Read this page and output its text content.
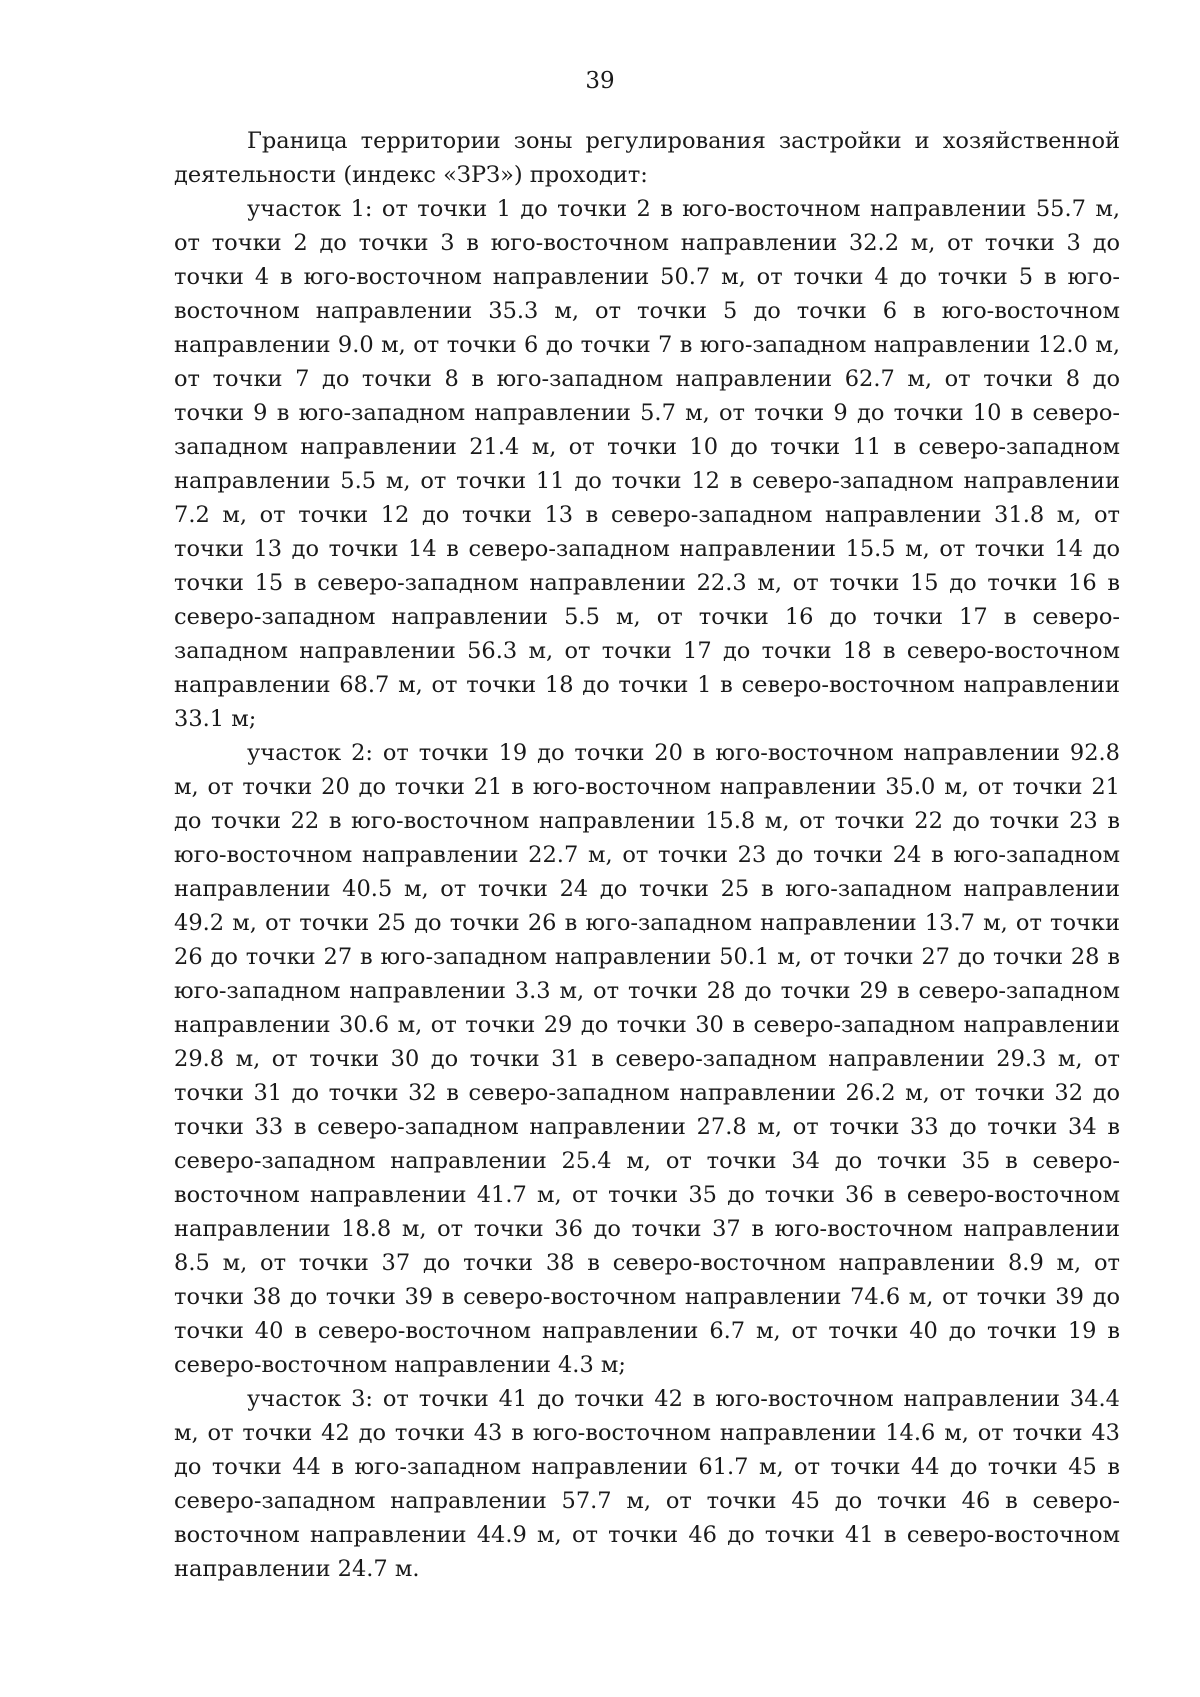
39

Граница территории зоны регулирования застройки и хозяйственной деятельности (индекс «ЗРЗ») проходит:

участок 1: от точки 1 до точки 2 в юго-восточном направлении 55.7 м, от точки 2 до точки 3 в юго-восточном направлении 32.2 м, от точки 3 до точки 4 в юго-восточном направлении 50.7 м, от точки 4 до точки 5 в юго-восточном направлении 35.3 м, от точки 5 до точки 6 в юго-восточном направлении 9.0 м, от точки 6 до точки 7 в юго-западном направлении 12.0 м, от точки 7 до точки 8 в юго-западном направлении 62.7 м, от точки 8 до точки 9 в юго-западном направлении 5.7 м, от точки 9 до точки 10 в северо-западном направлении 21.4 м, от точки 10 до точки 11 в северо-западном направлении 5.5 м, от точки 11 до точки 12 в северо-западном направлении 7.2 м, от точки 12 до точки 13 в северо-западном направлении 31.8 м, от точки 13 до точки 14 в северо-западном направлении 15.5 м, от точки 14 до точки 15 в северо-западном направлении 22.3 м, от точки 15 до точки 16 в северо-западном направлении 5.5 м, от точки 16 до точки 17 в северо-западном направлении 56.3 м, от точки 17 до точки 18 в северо-восточном направлении 68.7 м, от точки 18 до точки 1 в северо-восточном направлении 33.1 м;

участок 2: от точки 19 до точки 20 в юго-восточном направлении 92.8 м, от точки 20 до точки 21 в юго-восточном направлении 35.0 м, от точки 21 до точки 22 в юго-восточном направлении 15.8 м, от точки 22 до точки 23 в юго-восточном направлении 22.7 м, от точки 23 до точки 24 в юго-западном направлении 40.5 м, от точки 24 до точки 25 в юго-западном направлении 49.2 м, от точки 25 до точки 26 в юго-западном направлении 13.7 м, от точки 26 до точки 27 в юго-западном направлении 50.1 м, от точки 27 до точки 28 в юго-западном направлении 3.3 м, от точки 28 до точки 29 в северо-западном направлении 30.6 м, от точки 29 до точки 30 в северо-западном направлении 29.8 м, от точки 30 до точки 31 в северо-западном направлении 29.3 м, от точки 31 до точки 32 в северо-западном направлении 26.2 м, от точки 32 до точки 33 в северо-западном направлении 27.8 м, от точки 33 до точки 34 в северо-западном направлении 25.4 м, от точки 34 до точки 35 в северо-восточном направлении 41.7 м, от точки 35 до точки 36 в северо-восточном направлении 18.8 м, от точки 36 до точки 37 в юго-восточном направлении 8.5 м, от точки 37 до точки 38 в северо-восточном направлении 8.9 м, от точки 38 до точки 39 в северо-восточном направлении 74.6 м, от точки 39 до точки 40 в северо-восточном направлении 6.7 м, от точки 40 до точки 19 в северо-восточном направлении 4.3 м;

участок 3: от точки 41 до точки 42 в юго-восточном направлении 34.4 м, от точки 42 до точки 43 в юго-восточном направлении 14.6 м, от точки 43 до точки 44 в юго-западном направлении 61.7 м, от точки 44 до точки 45 в северо-западном направлении 57.7 м, от точки 45 до точки 46 в северо-восточном направлении 44.9 м, от точки 46 до точки 41 в северо-восточном направлении 24.7 м.
